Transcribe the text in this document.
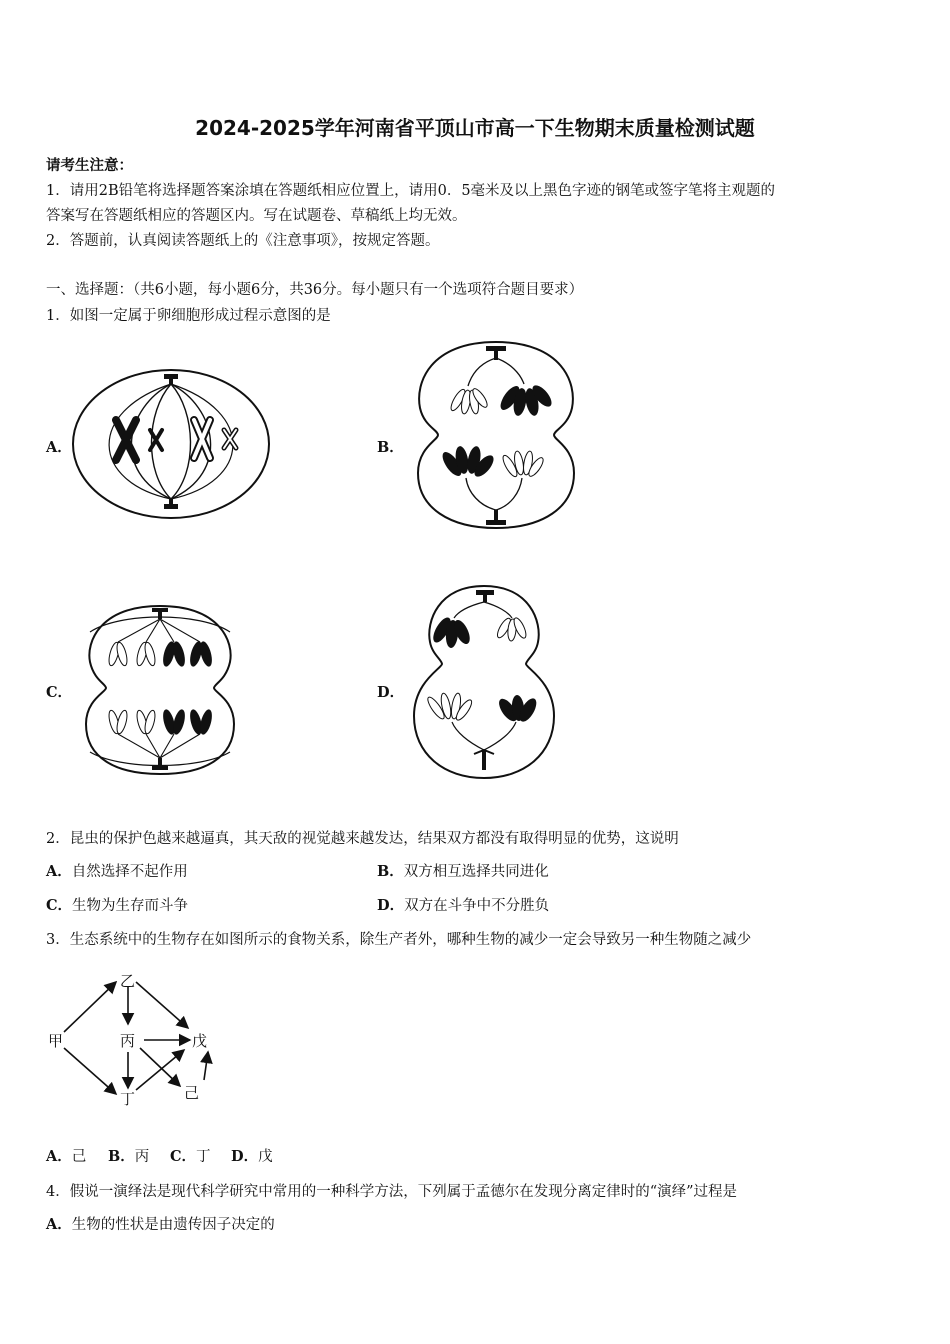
2024-2025学年河南省平顶山市高一下生物期末质量检测试题
请考生注意：
1．请用2B铅笔将选择题答案涂填在答题纸相应位置上，请用0．5毫米及以上黑色字迹的钢笔或签字笔将主观题的
答案写在答题纸相应的答题区内。写在试题卷、草稿纸上均无效。
2．答题前，认真阅读答题纸上的《注意事项》，按规定答题。
一、选择题：（共6小题，每小题6分，共36分。每小题只有一个选项符合题目要求）
1．如图一定属于卵细胞形成过程示意图的是
A．	B．
C．	D．
2．昆虫的保护色越来越逼真，其天敌的视觉越来越发达，结果双方都没有取得明显的优势，这说明
A．自然选择不起作用	B．双方相互选择共同进化
C．生物为生存而斗争	D．双方在斗争中不分胜负
3．生态系统中的生物存在如图所示的食物关系，除生产者外，哪种生物的减少一定会导致另一种生物随之减少
甲
乙
丙	戊
丁	己
A．己 B．丙 C．丁 D．戊
4．假说一演绎法是现代科学研究中常用的一种科学方法，下列属于孟德尔在发现分离定律时的“演绎”过程是
A．生物的性状是由遗传因子决定的
